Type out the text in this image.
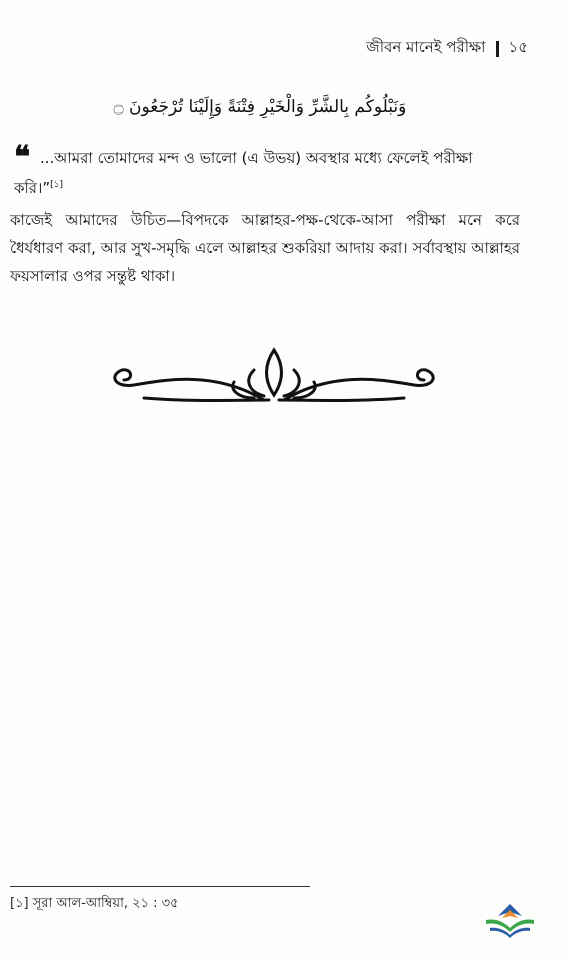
জীবন মানেই পরীক্ষা ১৫
وَنَبْلُوكُم بِالشَّرِّ وَالْخَيْرِ فِتْنَةً وَإِلَيْنَا تُرْجَعُونَ ۝
❝ ...আমরা তোমাদের মন্দ ও ভালো (এ উভয়) অবস্থার মধ্যে ফেলেই পরীক্ষা করি।”[১]
কাজেই আমাদের উচিত—বিপদকে আল্লাহর-পক্ষ-থেকে-আসা পরীক্ষা মনে করে ধৈর্যধারণ করা, আর সুখ-সমৃদ্ধি এলে আল্লাহর শুকরিয়া আদায় করা। সর্বাবস্থায় আল্লাহর ফয়সালার ওপর সন্তুষ্ট থাকা।
[১] সূরা আল-আম্বিয়া, ২১ : ৩৫
